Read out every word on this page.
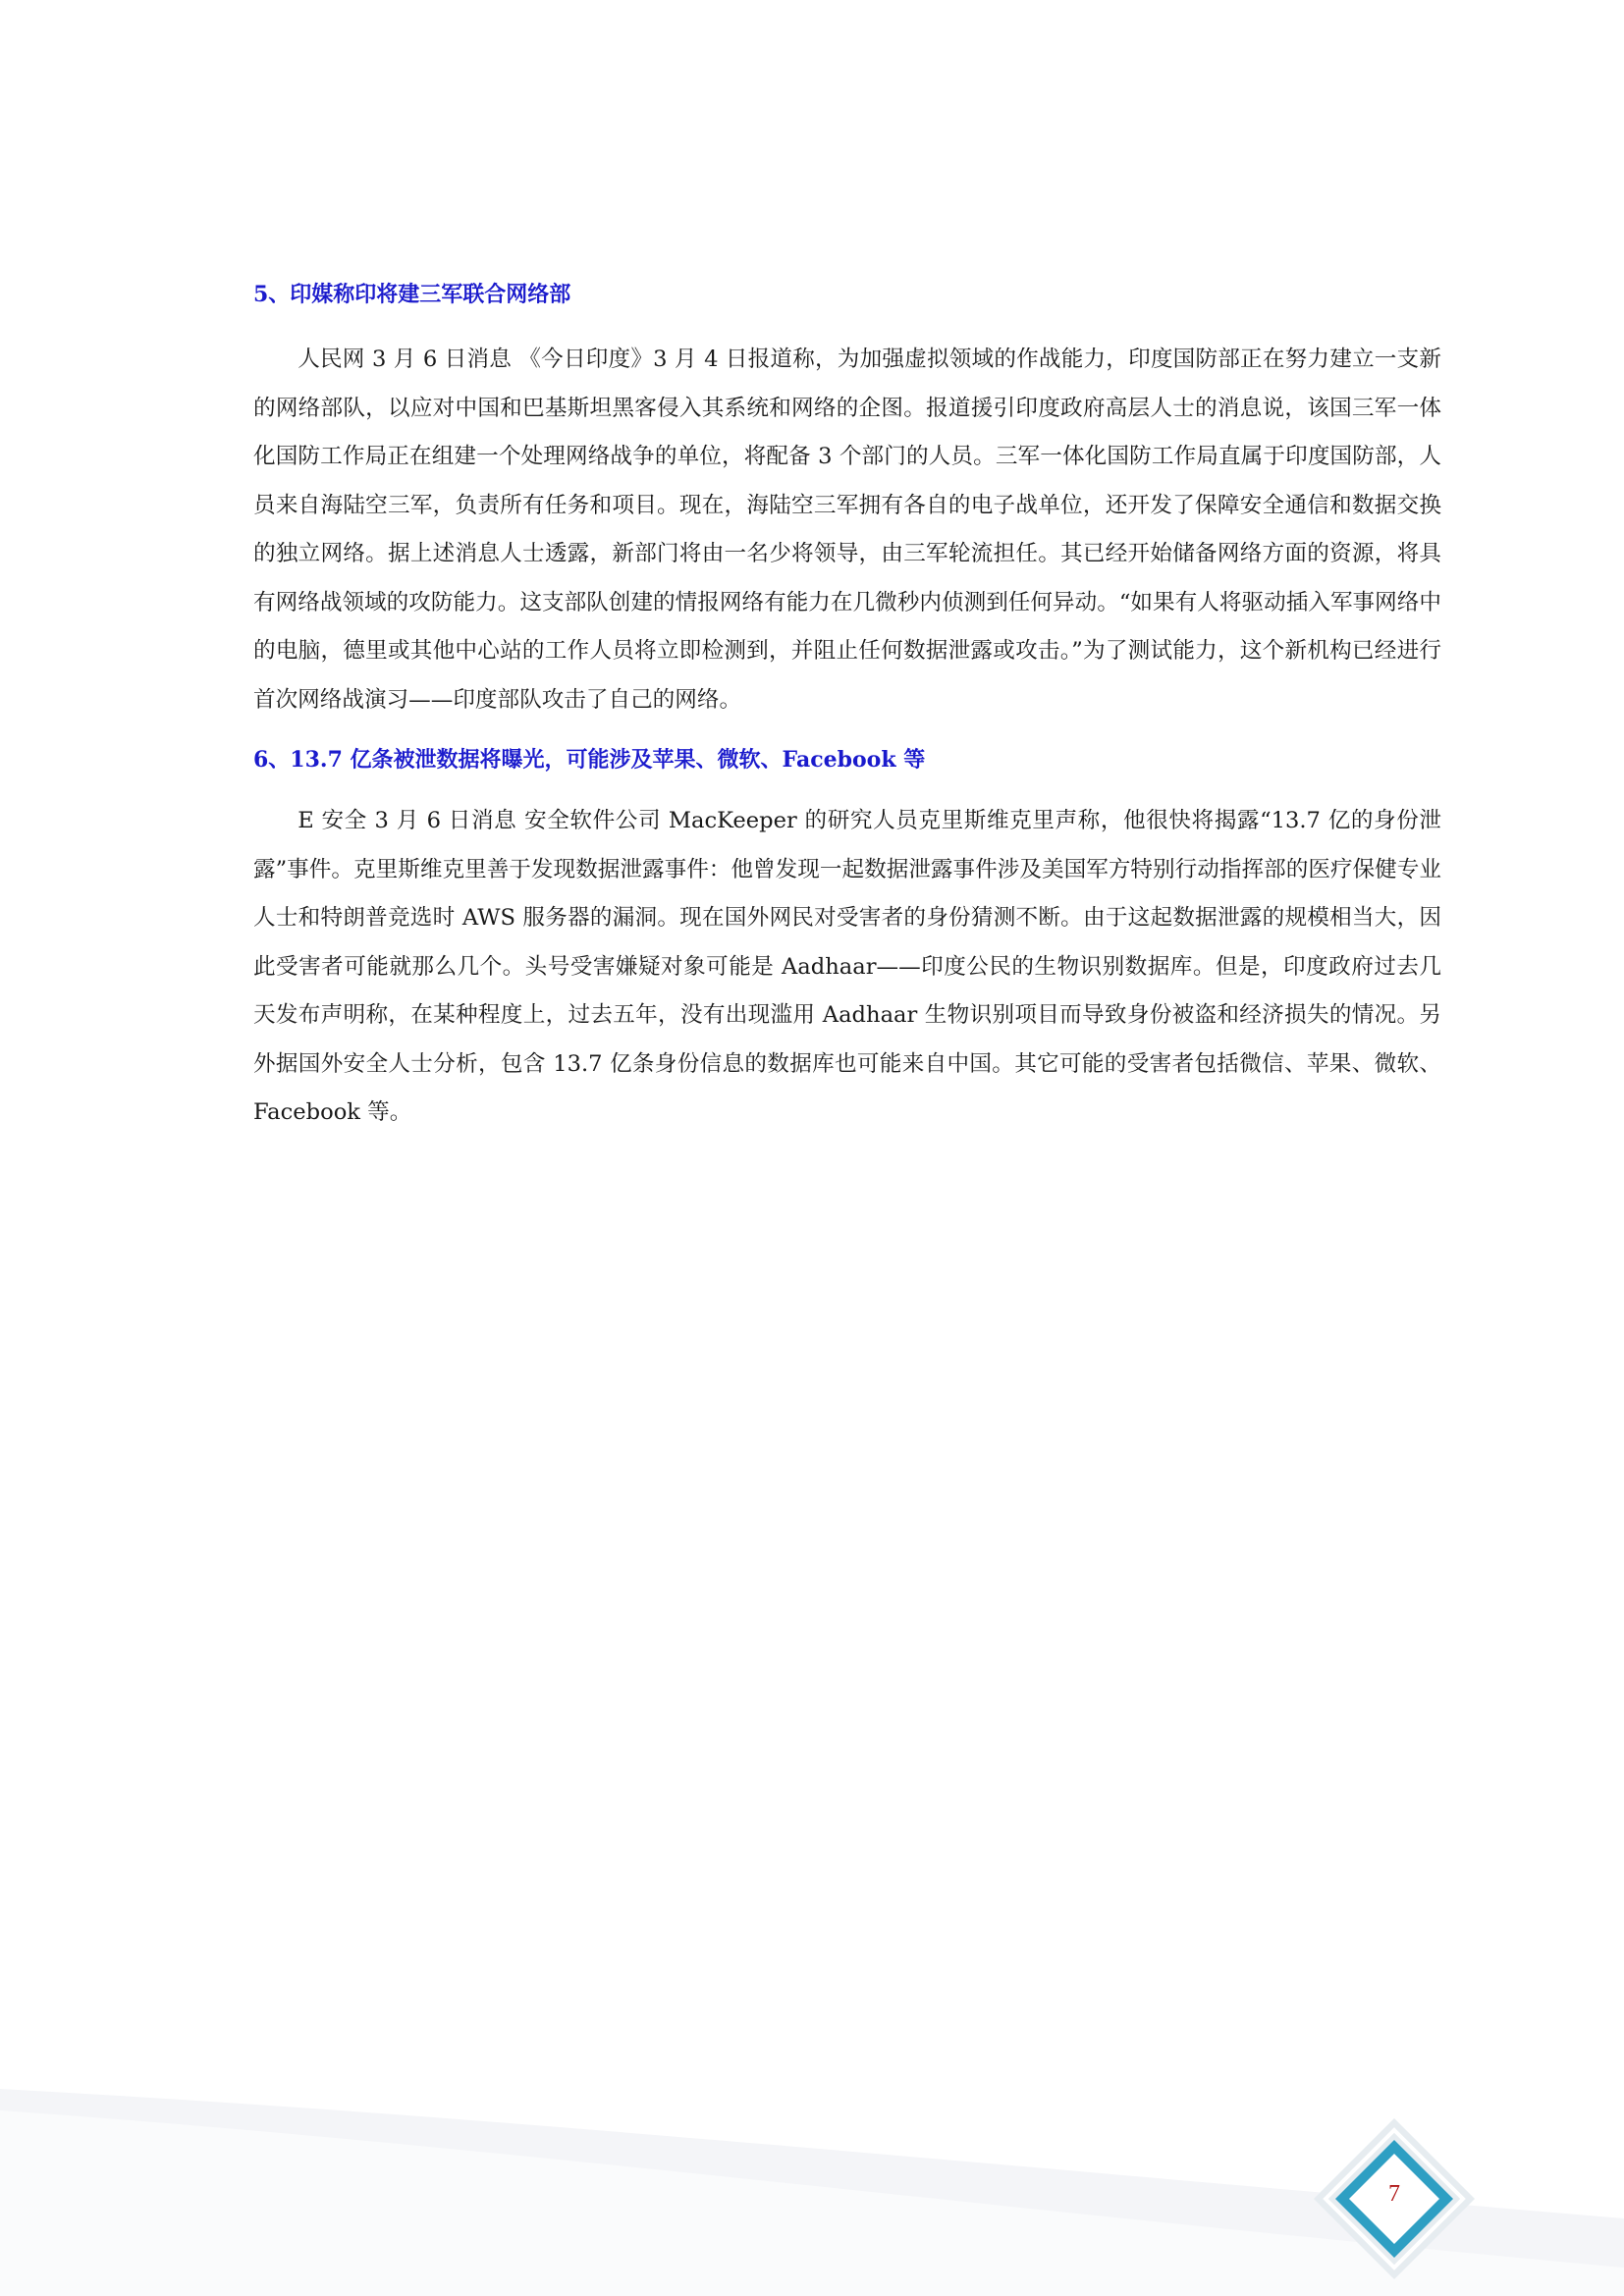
5、印媒称印将建三军联合网络部

人民网 3 月 6 日消息 《今日印度》3 月 4 日报道称，为加强虚拟领域的作战能力，印度国防部正在努力建立一支新的网络部队，以应对中国和巴基斯坦黑客侵入其系统和网络的企图。报道援引印度政府高层人士的消息说，该国三军一体化国防工作局正在组建一个处理网络战争的单位，将配备 3 个部门的人员。三军一体化国防工作局直属于印度国防部，人员来自海陆空三军，负责所有任务和项目。现在，海陆空三军拥有各自的电子战单位，还开发了保障安全通信和数据交换的独立网络。据上述消息人士透露，新部门将由一名少将领导，由三军轮流担任。其已经开始储备网络方面的资源，将具有网络战领域的攻防能力。这支部队创建的情报网络有能力在几微秒内侦测到任何异动。“如果有人将驱动插入军事网络中的电脑，德里或其他中心站的工作人员将立即检测到，并阻止任何数据泄露或攻击。”为了测试能力，这个新机构已经进行首次网络战演习——印度部队攻击了自己的网络。

6、13.7 亿条被泄数据将曝光，可能涉及苹果、微软、Facebook 等

E 安全 3 月 6 日消息 安全软件公司 MacKeeper 的研究人员克里斯维克里声称，他很快将揭露“13.7 亿的身份泄露”事件。克里斯维克里善于发现数据泄露事件：他曾发现一起数据泄露事件涉及美国军方特别行动指挥部的医疗保健专业人士和特朗普竞选时 AWS 服务器的漏洞。现在国外网民对受害者的身份猜测不断。由于这起数据泄露的规模相当大，因此受害者可能就那么几个。头号受害嫌疑对象可能是 Aadhaar——印度公民的生物识别数据库。但是，印度政府过去几天发布声明称，在某种程度上，过去五年，没有出现滥用 Aadhaar 生物识别项目而导致身份被盗和经济损失的情况。另外据国外安全人士分析，包含 13.7 亿条身份信息的数据库也可能来自中国。其它可能的受害者包括微信、苹果、微软、Facebook 等。

7
